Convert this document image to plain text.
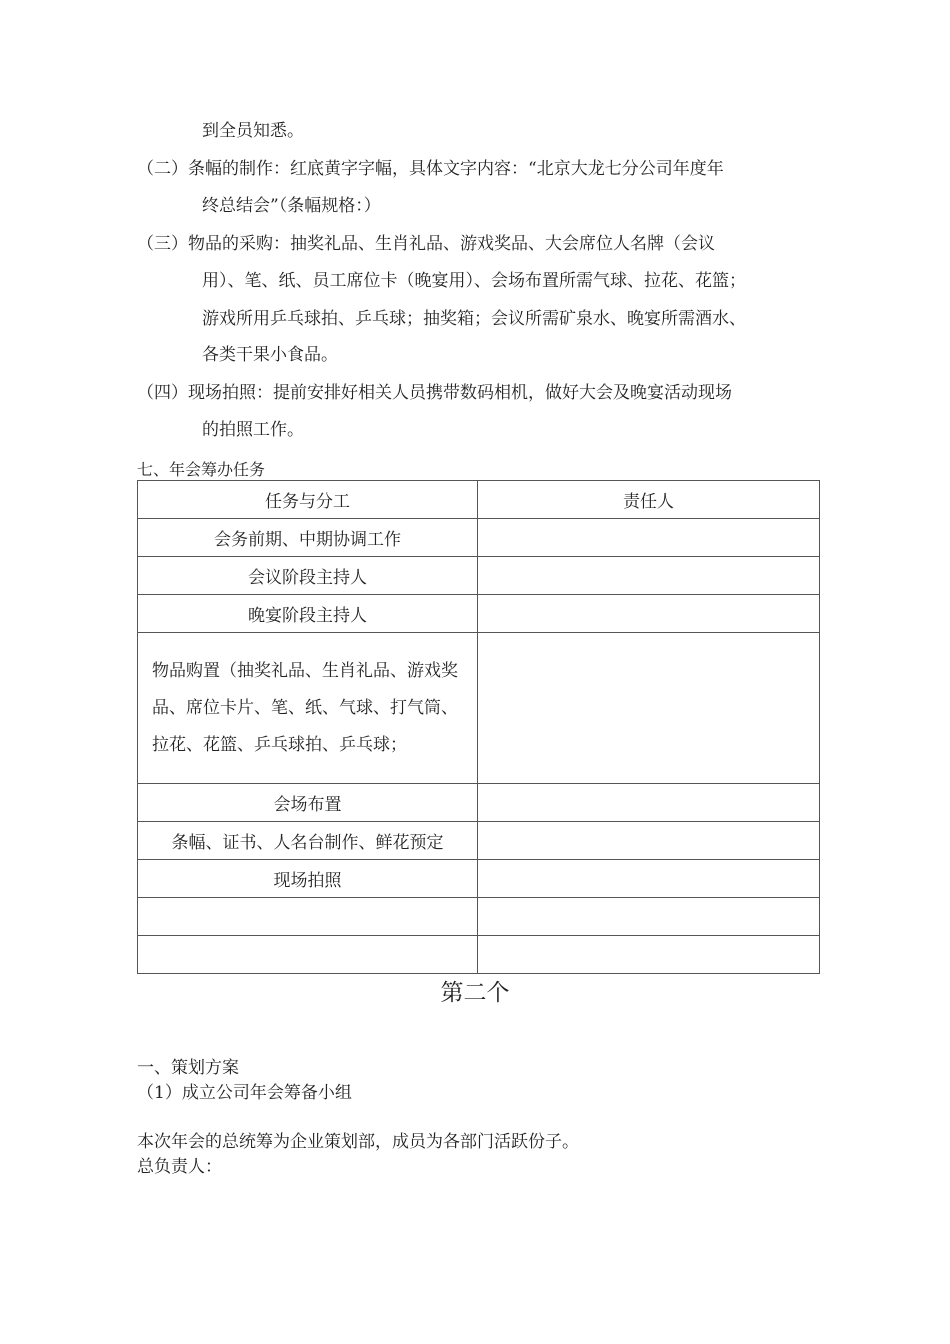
到全员知悉。
（二）条幅的制作：红底黄字字幅，具体文字内容：“北京大龙七分公司年度年
终总结会”（条幅规格：）
（三）物品的采购：抽奖礼品、生肖礼品、游戏奖品、大会席位人名牌（会议
用）、笔、纸、员工席位卡（晚宴用）、会场布置所需气球、拉花、花篮；
游戏所用乒乓球拍、乒乓球；抽奖箱；会议所需矿泉水、晚宴所需酒水、
各类干果小食品。
（四）现场拍照：提前安排好相关人员携带数码相机，做好大会及晚宴活动现场
的拍照工作。
七、年会筹办任务
任务与分工	责任人
会务前期、中期协调工作	
会议阶段主持人	
晚宴阶段主持人	
物品购置（抽奖礼品、生肖礼品、游戏奖品、席位卡片、笔、纸、气球、打气筒、拉花、花篮、乒乓球拍、乒乓球；	
会场布置	
条幅、证书、人名台制作、鲜花预定	
现场拍照	

第二个
一、策划方案
（1）成立公司年会筹备小组
本次年会的总统筹为企业策划部，成员为各部门活跃份子。
总负责人：
